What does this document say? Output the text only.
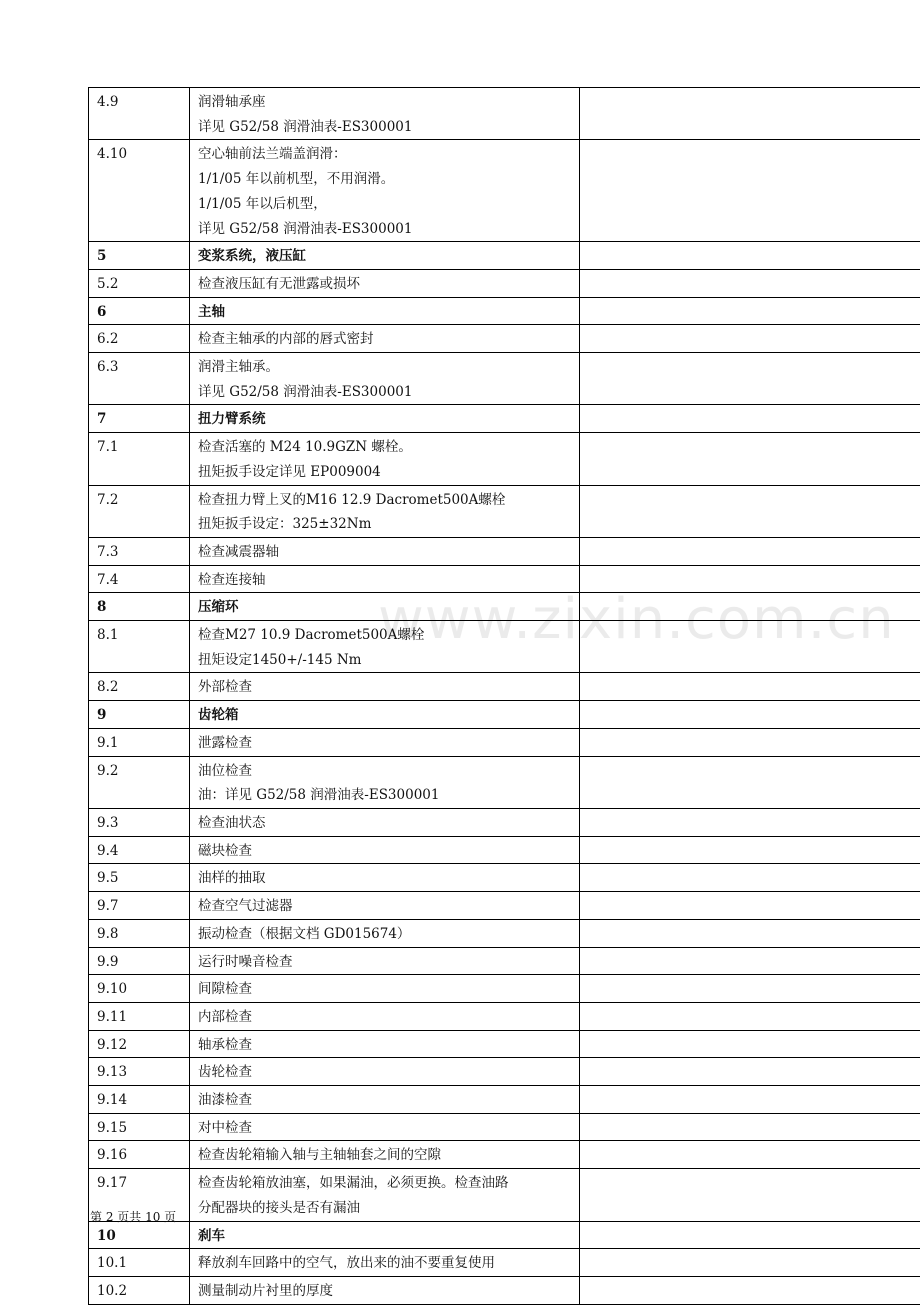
4.9	润滑轴承座
详见 G52/58 润滑油表-ES300001	

4.10	空心轴前法兰端盖润滑：
1/1/05 年以前机型，不用润滑。
1/1/05 年以后机型，
详见 G52/58 润滑油表-ES300001	

5	变浆系统，液压缸	

5.2	检查液压缸有无泄露或损坏	

6	主轴	

6.2	检查主轴承的内部的唇式密封	

6.3	润滑主轴承。
详见 G52/58 润滑油表-ES300001	

7	扭力臂系统	

7.1	检查活塞的 M24 10.9GZN 螺栓。
扭矩扳手设定详见 EP009004	

7.2	检查扭力臂上叉的M16 12.9 Dacromet500A螺栓
扭矩扳手设定：325±32Nm	

7.3	检查减震器轴	

7.4	检查连接轴	

8	压缩环	

8.1	检查M27 10.9 Dacromet500A螺栓
扭矩设定1450+/-145 Nm	

8.2	外部检查	

9	齿轮箱	

9.1	泄露检查	

9.2	油位检查
油：详见 G52/58 润滑油表-ES300001	

9.3	检查油状态	

9.4	磁块检查	

9.5	油样的抽取	

9.7	检查空气过滤器	

9.8	振动检查（根据文档 GD015674）	

9.9	运行时噪音检查	

9.10	间隙检查	

9.11	内部检查	

9.12	轴承检查	

9.13	齿轮检查	

9.14	油漆检查	

9.15	对中检查	

9.16	检查齿轮箱输入轴与主轴轴套之间的空隙	

9.17	检查齿轮箱放油塞，如果漏油，必须更换。检查油路
分配器块的接头是否有漏油	

10	刹车	

10.1	释放刹车回路中的空气，放出来的油不要重复使用	

10.2	测量制动片衬里的厚度	

www.zixin.com.cn
第 2 页共 10 页
